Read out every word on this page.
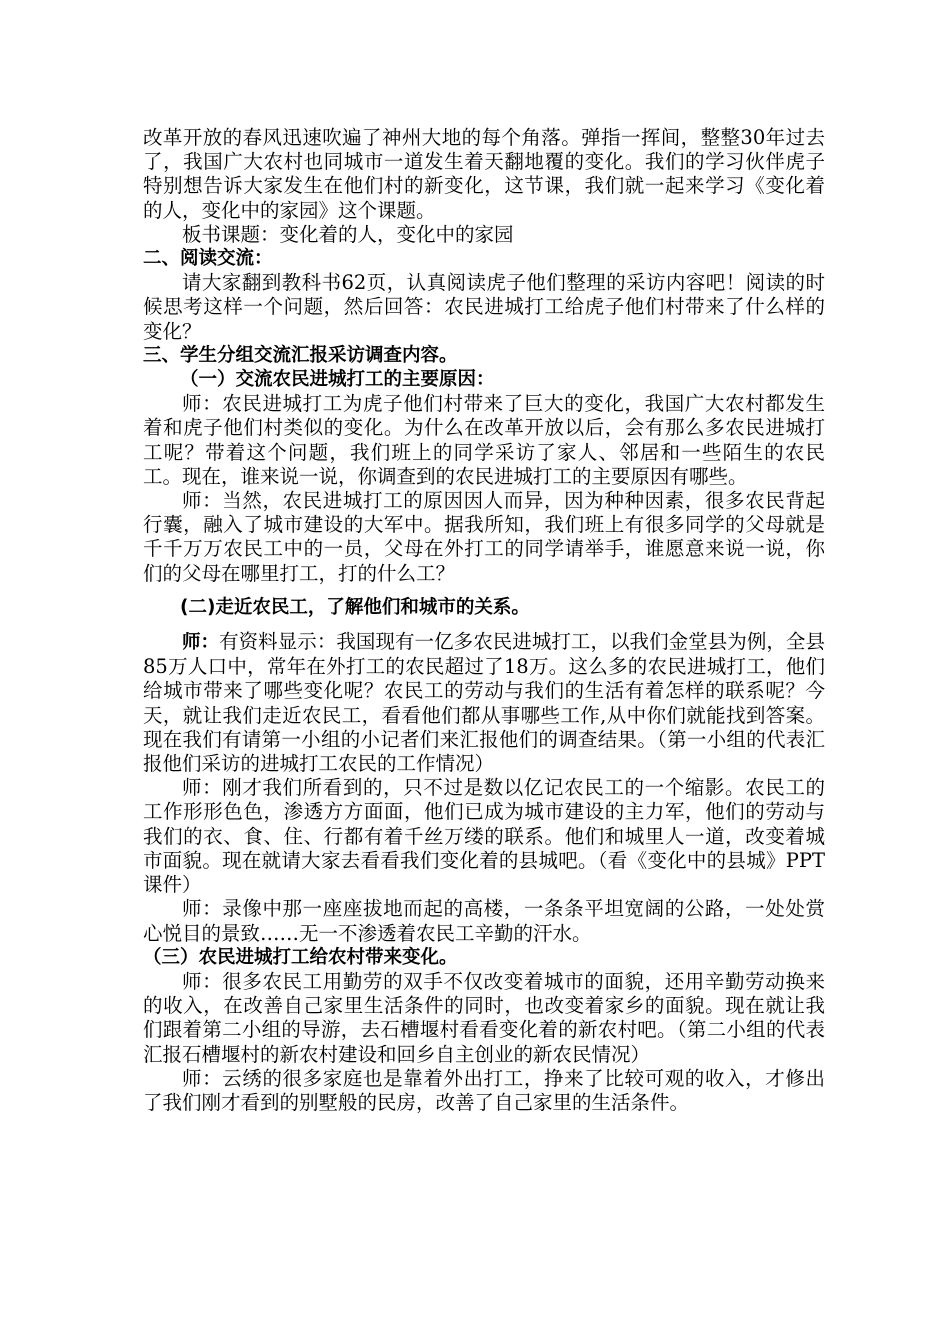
改革开放的春风迅速吹遍了神州大地的每个角落。弹指一挥间，整整30年过去了，我国广大农村也同城市一道发生着天翻地覆的变化。我们的学习伙伴虎子特别想告诉大家发生在他们村的新变化，这节课，我们就一起来学习《变化着的人，变化中的家园》这个课题。

板书课题：变化着的人，变化中的家园

二、阅读交流：

请大家翻到教科书62页，认真阅读虎子他们整理的采访内容吧！阅读的时候思考这样一个问题，然后回答：农民进城打工给虎子他们村带来了什么样的变化？

三、学生分组交流汇报采访调查内容。

（一）交流农民进城打工的主要原因：

师：农民进城打工为虎子他们村带来了巨大的变化，我国广大农村都发生着和虎子他们村类似的变化。为什么在改革开放以后，会有那么多农民进城打工呢？带着这个问题，我们班上的同学采访了家人、邻居和一些陌生的农民工。现在，谁来说一说，你调查到的农民进城打工的主要原因有哪些。

师：当然，农民进城打工的原因因人而异，因为种种因素，很多农民背起行囊，融入了城市建设的大军中。据我所知，我们班上有很多同学的父母就是千千万万农民工中的一员，父母在外打工的同学请举手，谁愿意来说一说，你们的父母在哪里打工，打的什么工？

(二)走近农民工，了解他们和城市的关系。

师：有资料显示：我国现有一亿多农民进城打工，以我们金堂县为例，全县85万人口中，常年在外打工的农民超过了18万。这么多的农民进城打工，他们给城市带来了哪些变化呢？农民工的劳动与我们的生活有着怎样的联系呢？今天，就让我们走近农民工，看看他们都从事哪些工作,从中你们就能找到答案。现在我们有请第一小组的小记者们来汇报他们的调查结果。（第一小组的代表汇报他们采访的进城打工农民的工作情况）

师：刚才我们所看到的，只不过是数以亿记农民工的一个缩影。农民工的工作形形色色，渗透方方面面，他们已成为城市建设的主力军，他们的劳动与我们的衣、食、住、行都有着千丝万缕的联系。他们和城里人一道，改变着城市面貌。现在就请大家去看看我们变化着的县城吧。（看《变化中的县城》PPT课件）

师：录像中那一座座拔地而起的高楼，一条条平坦宽阔的公路，一处处赏心悦目的景致……无一不渗透着农民工辛勤的汗水。

（三）农民进城打工给农村带来变化。

师：很多农民工用勤劳的双手不仅改变着城市的面貌，还用辛勤劳动换来的收入，在改善自己家里生活条件的同时，也改变着家乡的面貌。现在就让我们跟着第二小组的导游，去石槽堰村看看变化着的新农村吧。（第二小组的代表汇报石槽堰村的新农村建设和回乡自主创业的新农民情况）

师：云绣的很多家庭也是靠着外出打工，挣来了比较可观的收入，才修出了我们刚才看到的别墅般的民房，改善了自己家里的生活条件。
